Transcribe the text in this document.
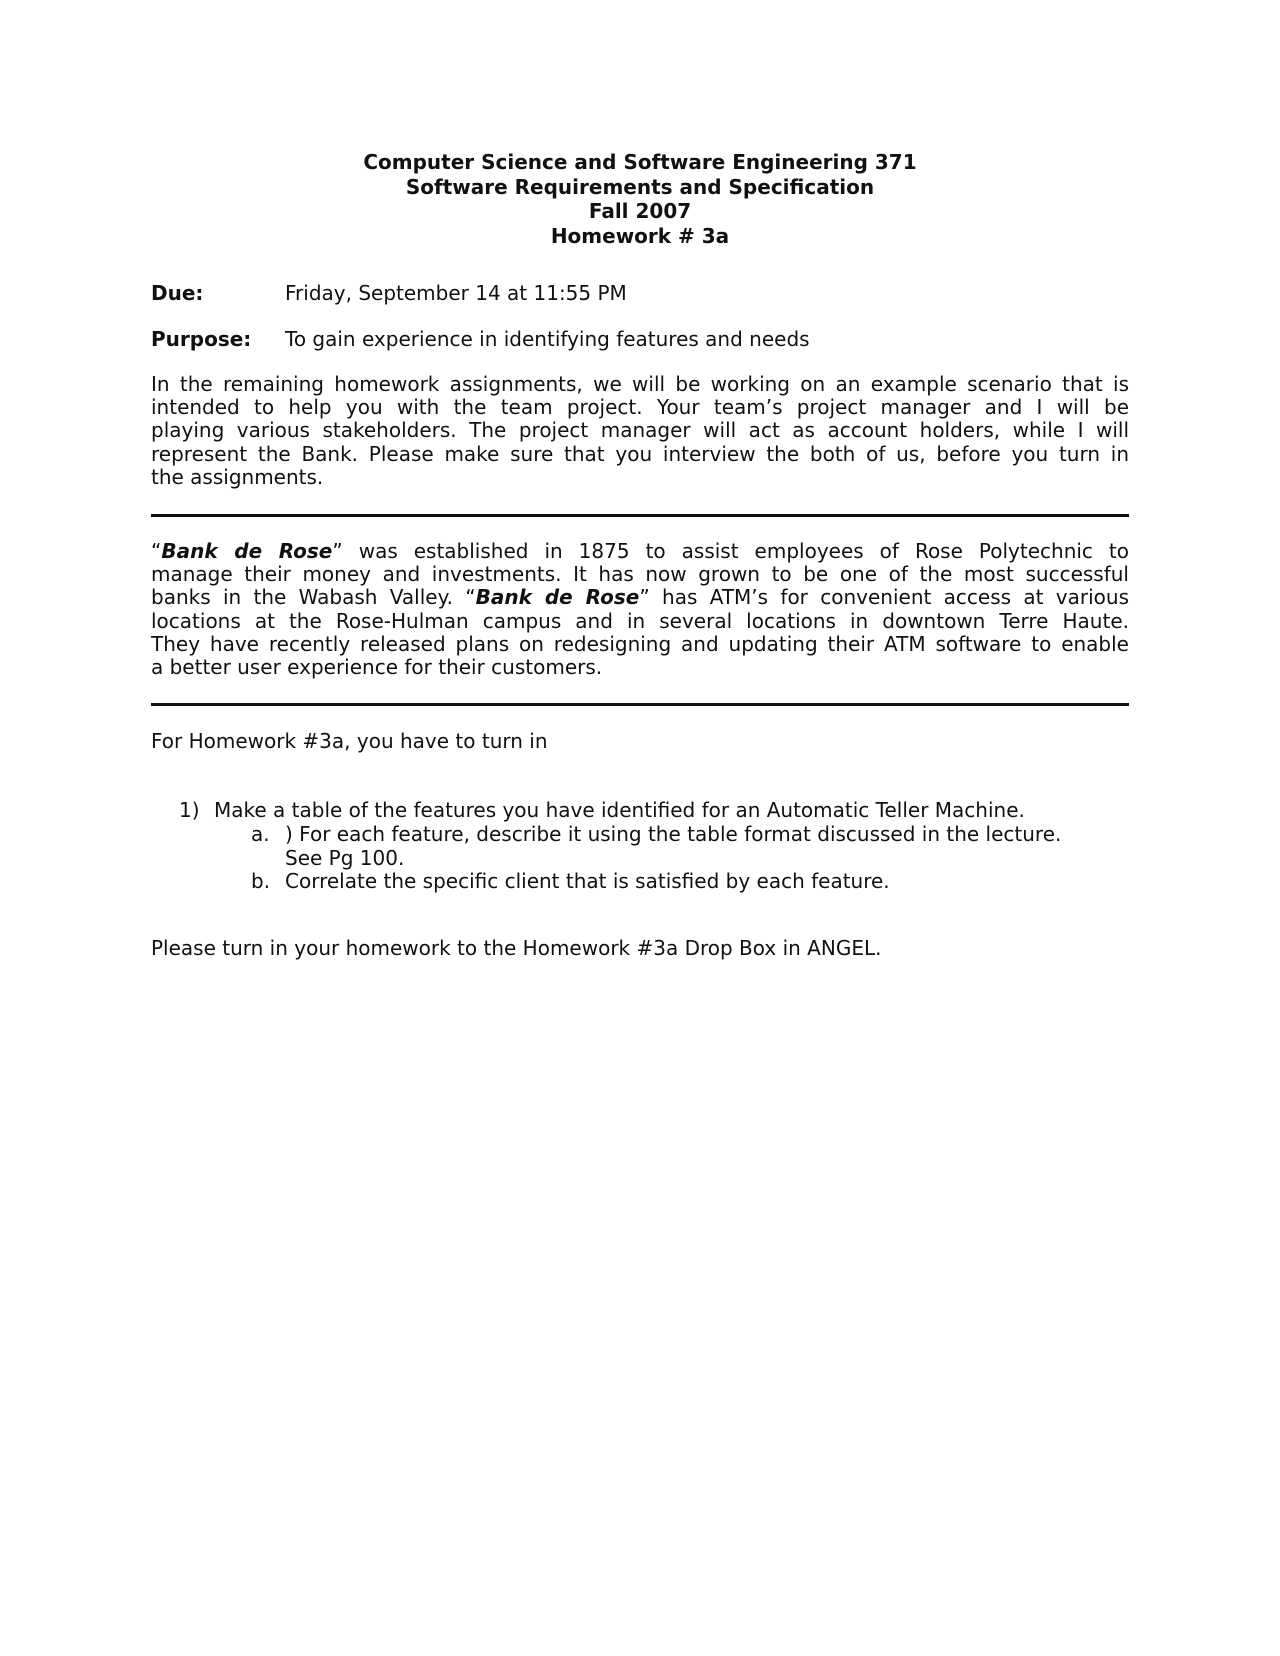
Computer Science and Software Engineering 371
Software Requirements and Specification
Fall 2007
Homework # 3a
Due:	Friday, September 14 at 11:55 PM
Purpose: To gain experience in identifying features and needs
In the remaining homework assignments, we will be working on an example scenario that is
intended to help you with the team project. Your team’s project manager and I will be
playing various stakeholders. The project manager will act as account holders, while I will
represent the Bank. Please make sure that you interview the both of us, before you turn in
the assignments.
“Bank de Rose” was established in 1875 to assist employees of Rose Polytechnic to
manage their money and investments. It has now grown to be one of the most successful
banks in the Wabash Valley. “Bank de Rose” has ATM’s for convenient access at various
locations at the Rose-Hulman campus and in several locations in downtown Terre Haute.
They have recently released plans on redesigning and updating their ATM software to enable
a better user experience for their customers.
For Homework #3a, you have to turn in
1) Make a table of the features you have identified for an Automatic Teller Machine.
a. ) For each feature, describe it using the table format discussed in the lecture.
See Pg 100.
b. Correlate the specific client that is satisfied by each feature.
Please turn in your homework to the Homework #3a Drop Box in ANGEL.
